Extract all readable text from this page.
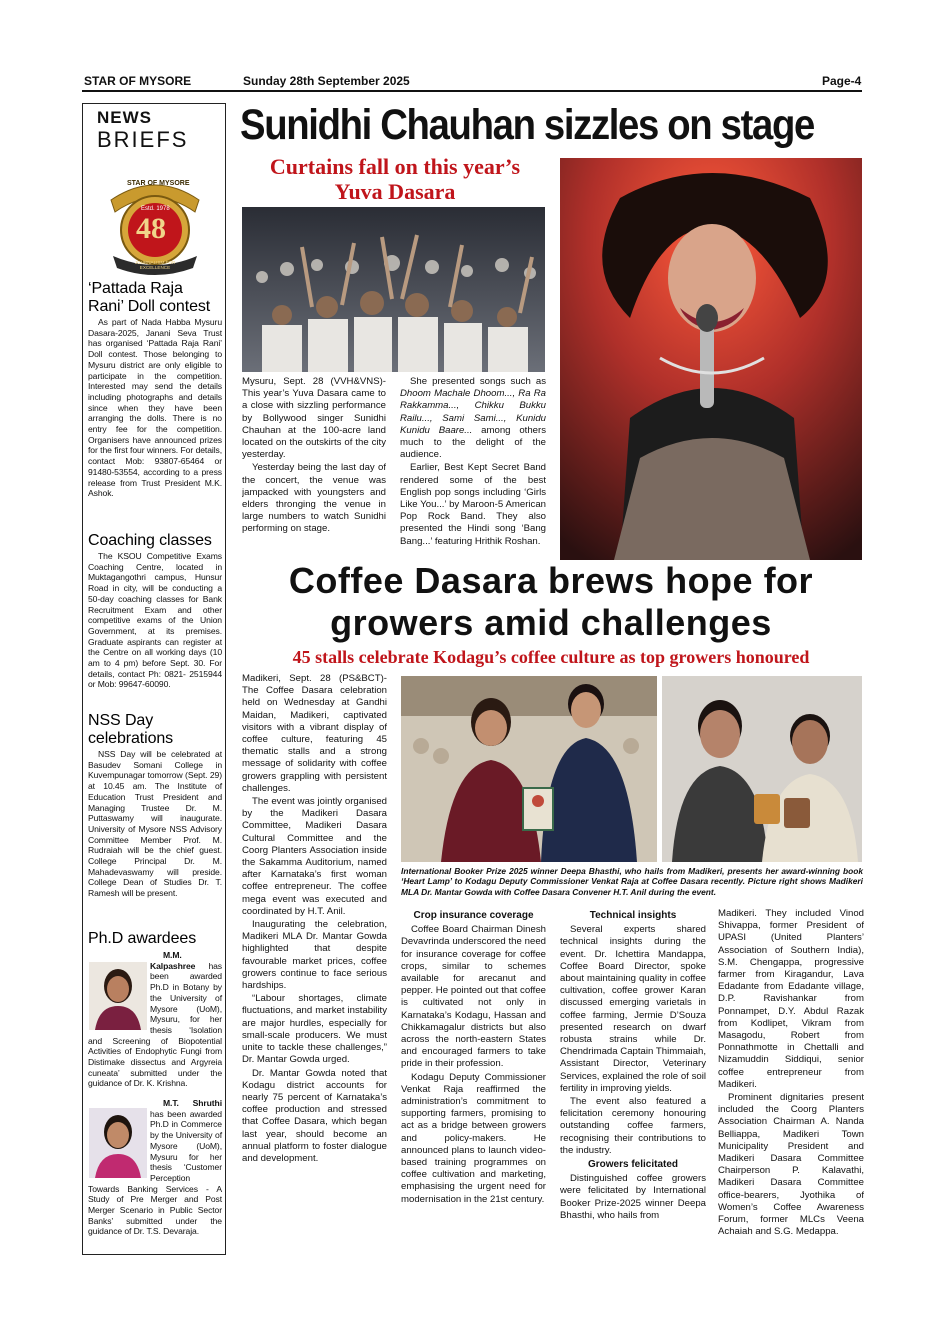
STAR OF MYSORE	Sunday 28th September 2025	Page-4
NEWS
BRIEFS
STAR OF MYSORE
Estd. 1978
48
JOURNALISM FOR EXCELLENCE
‘Pattada Raja Rani’ Doll contest

As part of Nada Habba Mysuru Dasara-2025, Janani Seva Trust has organised ‘Pattada Raja Rani’ Doll contest. Those belonging to Mysuru district are only eligible to participate in the competition. Interested may send the details including photographs and details since when they have been arranging the dolls. There is no entry fee for the competition. Organisers have announced prizes for the first four winners. For details, contact Mob: 93807-65464 or 91480-53554, according to a press release from Trust President M.K. Ashok.

Coaching classes

The KSOU Competitive Exams Coaching Centre, located in Muktagangothri campus, Hunsur Road in city, will be conducting a 50-day coaching classes for Bank Recruitment Exam and other competitive exams of the Union Government, at its premises. Graduate aspirants can register at the Centre on all working days (10 am to 4 pm) before Sept. 30. For details, contact Ph: 0821- 2515944 or Mob: 99647-60090.

NSS Day celebrations

NSS Day will be celebrated at Basudev Somani College in Kuvempunagar tomorrow (Sept. 29) at 10.45 am. The Institute of Education Trust President and Managing Trustee Dr. M. Puttaswamy will inaugurate. University of Mysore NSS Advisory Committee Member Prof. M. Rudraiah will be the chief guest. College Principal Dr. M. Mahadevaswamy will preside. College Dean of Studies Dr. T. Ramesh will be present.

Ph.D awardees

M.M. Kalpashree has been awarded Ph.D in Botany by the University of Mysore (UoM), Mysuru, for her thesis ‘Isolation and Screening of Biopotential Activities of Endophytic Fungi from Distimake dissectus and Argyreia cuneata’ submitted under the guidance of Dr. K. Krishna.

M.T. Shruthi has been awarded Ph.D in Commerce by the University of Mysore (UoM), Mysuru for her thesis ‘Customer Perception Towards Banking Services - A Study of Pre Merger and Post Merger Scenario in Public Sector Banks’ submitted under the guidance of Dr. T.S. Devaraja.

Sunidhi Chauhan sizzles on stage
Curtains fall on this year’s
Yuva Dasara

Mysuru, Sept. 28 (VVH&VNS)- This year’s Yuva Dasara came to a close with sizzling performance by Bollywood singer Sunidhi Chauhan at the 100-acre land located on the outskirts of the city yesterday.

Yesterday being the last day of the concert, the venue was jampacked with youngsters and elders thronging the venue in large numbers to watch Sunidhi performing on stage.

She presented songs such as Dhoom Machale Dhoom..., Ra Ra Rakkamma..., Chikku Bukku Railu..., Sami Sami..., Kunidu Kunidu Baare... among others much to the delight of the audience.

Earlier, Best Kept Secret Band rendered some of the best English pop songs including ‘Girls Like You...’ by Maroon-5 American Pop Rock Band. They also presented the Hindi song ‘Bang Bang...’ featuring Hrithik Roshan.

Coffee Dasara brews hope for
growers amid challenges
45 stalls celebrate Kodagu’s coffee culture as top growers honoured
International Booker Prize 2025 winner Deepa Bhasthi, who hails from Madikeri, presents her award-winning book ‘Heart Lamp’ to Kodagu Deputy Commissioner Venkat Raja at Coffee Dasara recently. Picture right shows Madikeri MLA Dr. Mantar Gowda with Coffee Dasara Convener H.T. Anil during the event.

Madikeri, Sept. 28 (PS&BCT)- The Coffee Dasara celebration held on Wednesday at Gandhi Maidan, Madikeri, captivated visitors with a vibrant display of coffee culture, featuring 45 thematic stalls and a strong message of solidarity with coffee growers grappling with persistent challenges.

The event was jointly organised by the Madikeri Dasara Committee, Madikeri Dasara Cultural Committee and the Coorg Planters Association inside the Sakamma Auditorium, named after Karnataka’s first woman coffee entrepreneur. The coffee mega event was executed and coordinated by H.T. Anil.

Inaugurating the celebration, Madikeri MLA Dr. Mantar Gowda highlighted that despite favourable market prices, coffee growers continue to face serious hardships.

“Labour shortages, climate fluctuations, and market instability are major hurdles, especially for small-scale producers. We must unite to tackle these challenges,” Dr. Mantar Gowda urged.

Dr. Mantar Gowda noted that Kodagu district accounts for nearly 75 percent of Karnataka’s coffee production and stressed that Coffee Dasara, which began last year, should become an annual platform to foster dialogue and development.

Crop insurance coverage

Coffee Board Chairman Dinesh Devavrinda underscored the need for insurance coverage for coffee crops, similar to schemes available for arecanut and pepper. He pointed out that coffee is cultivated not only in Karnataka’s Kodagu, Hassan and Chikkamagalur districts but also across the north-eastern States and encouraged farmers to take pride in their profession.

Kodagu Deputy Commissioner Venkat Raja reaffirmed the administration’s commitment to supporting farmers, promising to act as a bridge between growers and policy-makers. He announced plans to launch video-based training programmes on coffee cultivation and marketing, emphasising the urgent need for modernisation in the 21st century.

Technical insights

Several experts shared technical insights during the event. Dr. Ichettira Mandappa, Coffee Board Director, spoke about maintaining quality in coffee cultivation, coffee grower Karan discussed emerging varietals in coffee farming, Jermie D’Souza presented research on dwarf robusta strains while Dr. Chendrimada Captain Thimmaiah, Assistant Director, Veterinary Services, explained the role of soil fertility in improving yields.

The event also featured a felicitation ceremony honouring outstanding coffee farmers, recognising their contributions to the industry.

Growers felicitated

Distinguished coffee growers were felicitated by International Booker Prize-2025 winner Deepa Bhasthi, who hails from

Madikeri. They included Vinod Shivappa, former President of UPASI (United Planters’ Association of Southern India), S.M. Chengappa, progressive farmer from Kiragandur, Lava Edadante from Edadante village, D.P. Ravishankar from Ponnampet, D.Y. Abdul Razak from Kodlipet, Vikram from Masagodu, Robert from Ponnathmotte in Chettalli and Nizamuddin Siddiqui, senior coffee entrepreneur from Madikeri.

Prominent dignitaries present included the Coorg Planters Association Chairman A. Nanda Belliappa, Madikeri Town Municipality President and Madikeri Dasara Committee Chairperson P. Kalavathi, Madikeri Dasara Committee office-bearers, Jyothika of Women’s Coffee Awareness Forum, former MLCs Veena Achaiah and S.G. Medappa.
